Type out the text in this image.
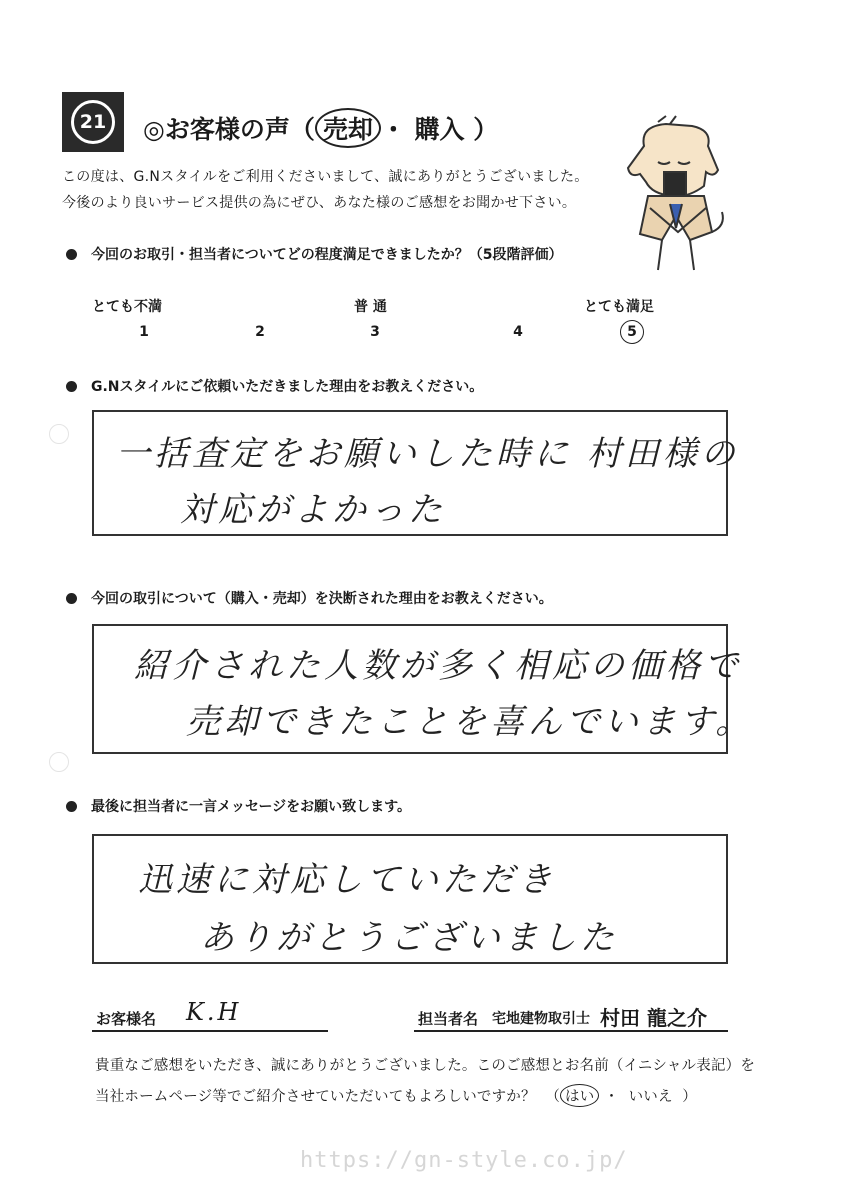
21	◎お客様の声（ 売却 ・ 購入 ）
この度は、G.Nスタイルをご利用くださいまして、誠にありがとうございました。
今後のより良いサービス提供の為にぜひ、あなた様のご感想をお聞かせ下さい。
今回のお取引・担当者についてどの程度満足できましたか？（5段階評価）
とても不満	普 通	とても満足
1	2	3	4	5
G.Nスタイルにご依頼いただきました理由をお教えください。
一括査定をお願いした時に 村田様の
対応がよかった
今回の取引について（購入・売却）を決断された理由をお教えください。
紹介された人数が多く相応の価格で
売却できたことを喜んでいます。
最後に担当者に一言メッセージをお願い致します。
迅速に対応していただき
ありがとうございました
お客様名 K.H	担当者名 宅地建物取引士 村田 龍之介
貴重なご感想をいただき、誠にありがとうございました。このご感想とお名前（イニシャル表記）を
当社ホームページ等でご紹介させていただいてもよろしいですか？  （ はい ・  いいえ  ）
https://gn-style.co.jp/
